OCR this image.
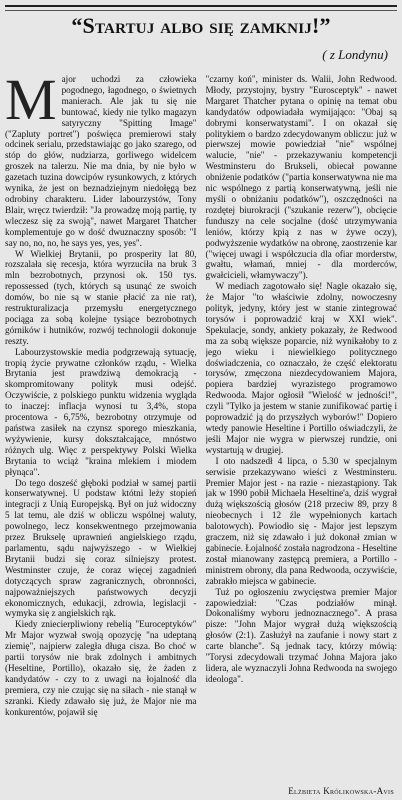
“Startuj albo się zamknij!”

( z Londynu)

Major uchodzi za człowieka pogodnego, łagodnego, o świetnych manierach. Ale jak tu się nie buntować, kiedy nie tylko magazyn satyryczny "Spitting Image" ("Zapluty portret") poświęca premierowi stały odcinek serialu, przedstawiając go jako szarego, od stóp do głów, nudziarza, gorliwego widelcem groszek na talerzu. Nie ma dnia, by nie było w gazetach tuzina dowcipów rysunkowych, z których wynika, że jest on beznadziejnym niedołęgą bez odrobiny charakteru. Lider labourzystów, Tony Blair, wręcz twierdził: "Ja prowadzę moją partię, ty wleczesz się za swoją", nawet Margaret Thatcher komplementuje go w dość dwuznaczny sposób: "I say no, no, no, he says yes, yes, yes".

W Wielkiej Brytanii, po prosperity lat 80, rozszalała się recesja, która wyrzuciła na bruk 3 mln bezrobotnych, przynosi ok. 150 tys. repossessed (tych, których są usunąć ze swoich domów, bo nie są w stanie płacić za nie rat), restrukturalizacja przemysłu energetycznego pociąga za sobą kolejne tysiące bezrobotnych górników i hutników, rozwój technologii dokonuje reszty.

Labourzystowskie media podgrzewają sytuację, tropią życie prywatne członków rządu, - Wielka Brytania jest prawdziwą demokracją - skompromitowany polityk musi odejść. Oczywiście, z polskiego punktu widzenia wygląda to inaczej: inflacja wynosi tu 3,4%, stopa procentowa - 6,75%, bezrobotny otrzymuje od państwa zasiłek na czynsz sporego mieszkania, wyżywienie, kursy dokształcające, mnóstwo różnych ulg. Więc z perspektywy Polski Wielka Brytania to wciąż "kraina mlekiem i miodem płynąca".

Do tego dosześć głęboki podział w samej partii konserwatywnej. U podstaw któtni leży stopień integracji z Unią Europejską. Był on już widoczny 5 lat temu, ale dziś w obliczu wspólnej waluty, powolnego, lecz konsekwentnego przejmowania przez Brukselę uprawnień angielskiego rządu, parlamentu, sądu najwyższego - w Wielkiej Brytanii budzi się coraz silniejszy protest. Westminster czuje, że coraz więcej zagadnień dotyczących spraw zagranicznych, obronności, najpoważniejszych państwowych decyzji ekonomicznych, edukacji, zdrowia, legislacji - wymyka się z angielskich rąk.

Kiedy zniecierpliwiony rebelią "Euroceptyków" Mr Major wyzwał swoją opozycję "na udeptaną ziemię", najpierw zaległa długa cisza. Bo choć w partii torysów nie brak zdolnych i ambitnych (Heseltine, Portillo), okazało się, że żaden z kandydatów - czy to z uwagi na łojalność dla premiera, czy nie czując się na siłach - nie stanął w szranki. Kiedy zdawało się już, że Major nie ma konkurentów, pojawił się

"czarny koń", minister ds. Walii, John Redwood. Młody, przystojny, bystry "Eurosceptyk" - nawet Margaret Thatcher pytana o opinię na temat obu kandydatów odpowiadała wymijająco: "Obaj są dobrymi konserwatystami". I on okazał się politykiem o bardzo zdecydowanym obliczu: już w pierwszej mowie powiedział "nie" wspólnej walucie, "nie" - przekazywaniu kompetencji Westminsteru do Brukseli, obiecał powanne obniżenie podatków ("partia konserwatywna nie ma nic wspólnego z partią konserwatywną, jeśli nie myśli o obniżaniu podatków"), oszczędności na rozdętej biurokracji ("szukanie rezerw"), obcięcie funduszy na cele socjalne (dość utrzymywania leniów, którzy kpią z nas w żywe oczy), podwyższenie wydatków na obronę, zaostrzenie kar ("więcej uwagi i współczucia dla ofiar morderstw, gwałtu, włamań, mniej - dla morderców, gwałcicieli, włamywaczy").

W mediach zagotowało się! Nagle okazało się, że Major "to właściwie zdolny, nowoczesny polityk, jedyny, który jest w stanie zintegrować torysów i poprowadzić kraj w XXI wiek". Spekulacje, sondy, ankiety pokazały, że Redwood ma za sobą większe poparcie, niż wynikałoby to z jego wieku i niewielkiego politycznego doświadczenia, co oznaczało, że część elektoratu torysów, zmęczona niezdecydowaniem Majora, popiera bardziej wyrazistego programowo Redwooda. Major ogłosił "Wielość w jedności!", czyli "Tylko ja jestem w stanie zunifikować partię i poprowadzić ją do przyszłych wyborów!" Dopiero wtedy panowie Heseltine i Portillo oświadczyli, że jeśli Major nie wygra w pierwszej rundzie, oni wystartują w drugiej.

I oto nadszedł 4 lipca, o 5.30 w specjalnym serwisie przekazywano wieści z Westminsteru. Premier Major jest - na razie - niezastąpiony. Tak jak w 1990 pobił Michaela Heseltine'a, dziś wygrał dużą większością głosów (218 przeciw 89, przy 8 nieobecnych i 12 źle wypełnionych kartach balotowych). Powiodło się - Major jest lepszym graczem, niż się zdawało i już dokonał zmian w gabinecie. Łojalność została nagrodzona - Heseltine został mianowany zastępcą premiera, a Portillo - ministrem obrony, dla pana Redwooda, oczywiście, zabrakło miejsca w gabinecie.

Tuż po ogłoszeniu zwycięstwa premier Major zapowiedział: "Czas podziałów minął. Dokonaliśmy wyboru jednoznacznego". A prasa pisze: "John Major wygrał dużą większością głosów (2:1). Zasłużył na zaufanie i nowy start z carte blanche". Są jednak tacy, którzy mówią: "Torysi zdecydowali trzymać Johna Majora jako lidera, ale wyznaczyli Johna Redwooda na swojego ideologa".

Elżbieta Królikowska-Avis
